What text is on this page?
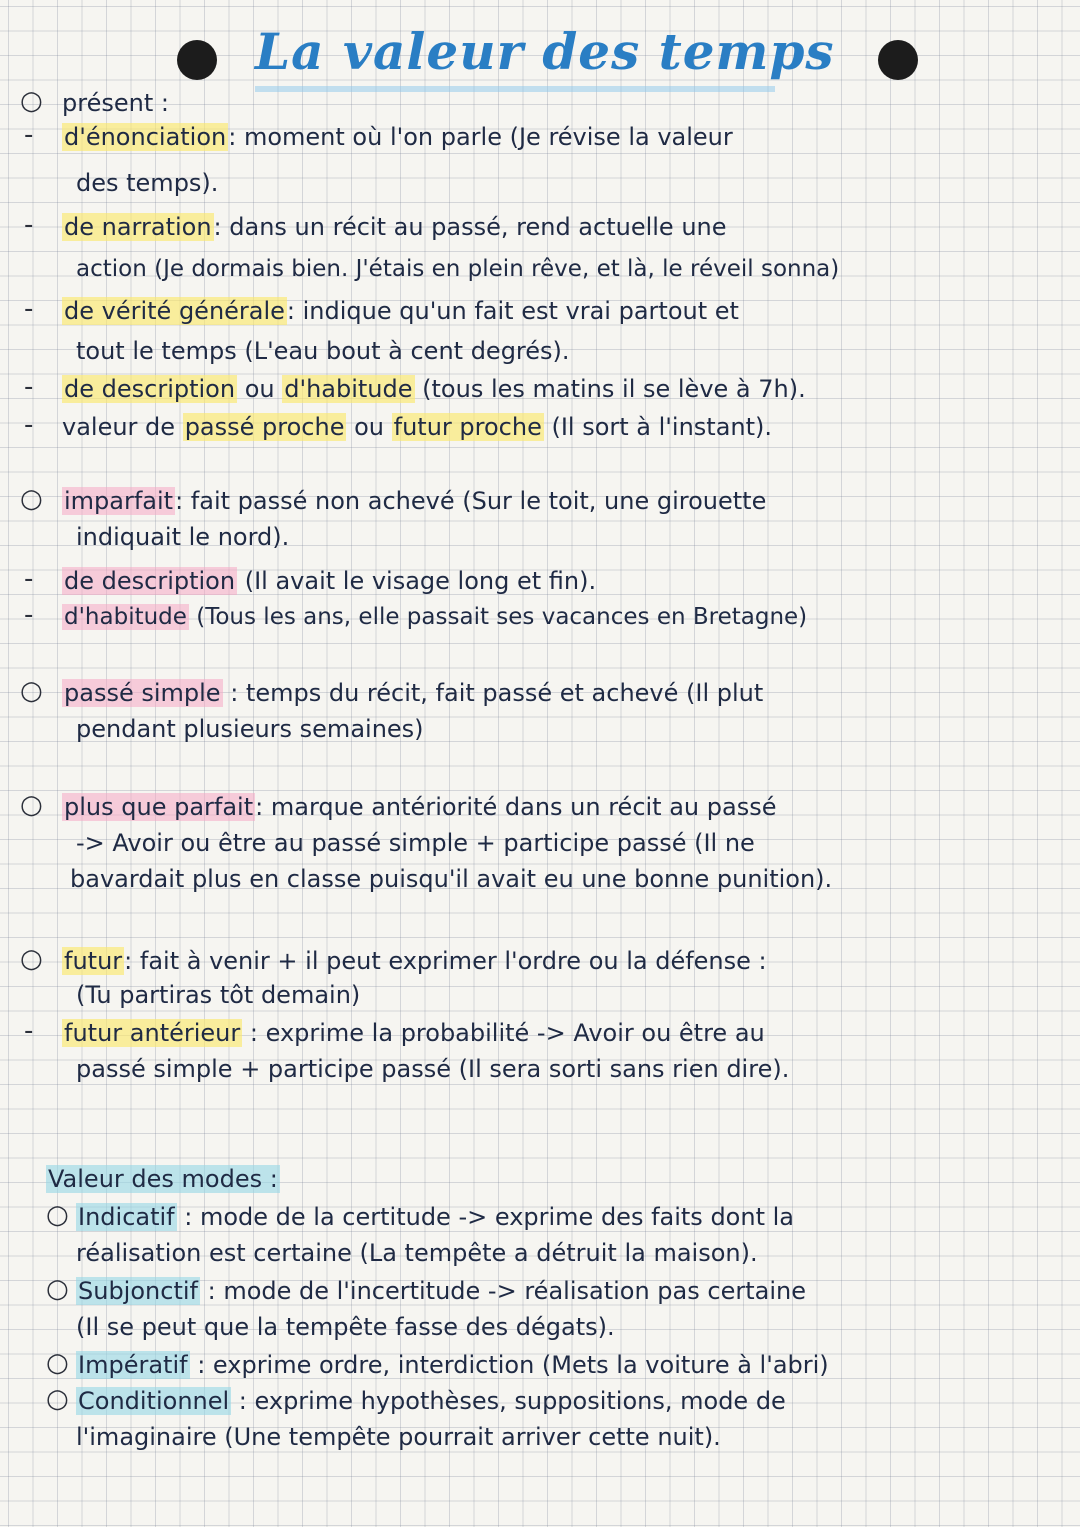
La valeur des temps
○ présent :
- d'énonciation: moment où l'on parle (Je révise la valeur
des temps).
- de narration: dans un récit au passé, rend actuelle une
action (Je dormais bien. J'étais en plein rêve, et là, le réveil sonna)
- de vérité générale: indique qu'un fait est vrai partout et
tout le temps (L'eau bout à cent degrés).
- de description ou d'habitude (tous les matins il se lève à 7h).
- valeur de passé proche ou futur proche (Il sort à l'instant).
○ imparfait: fait passé non achevé (Sur le toit, une girouette
indiquait le nord).
- de description (Il avait le visage long et fin).
- d'habitude (Tous les ans, elle passait ses vacances en Bretagne)
○ passé simple : temps du récit, fait passé et achevé (Il plut
pendant plusieurs semaines)
○ plus que parfait: marque antériorité dans un récit au passé
-> Avoir ou être au passé simple + participe passé (Il ne
bavardait plus en classe puisqu'il avait eu une bonne punition).
○ futur: fait à venir + il peut exprimer l'ordre ou la défense :
(Tu partiras tôt demain)
- futur antérieur : exprime la probabilité -> Avoir ou être au
passé simple + participe passé (Il sera sorti sans rien dire).
Valeur des modes :
○ Indicatif : mode de la certitude -> exprime des faits dont la
réalisation est certaine (La tempête a détruit la maison).
○ Subjonctif : mode de l'incertitude -> réalisation pas certaine
(Il se peut que la tempête fasse des dégats).
○ Impératif : exprime ordre, interdiction (Mets la voiture à l'abri)
○ Conditionnel : exprime hypothèses, suppositions, mode de
l'imaginaire (Une tempête pourrait arriver cette nuit).
